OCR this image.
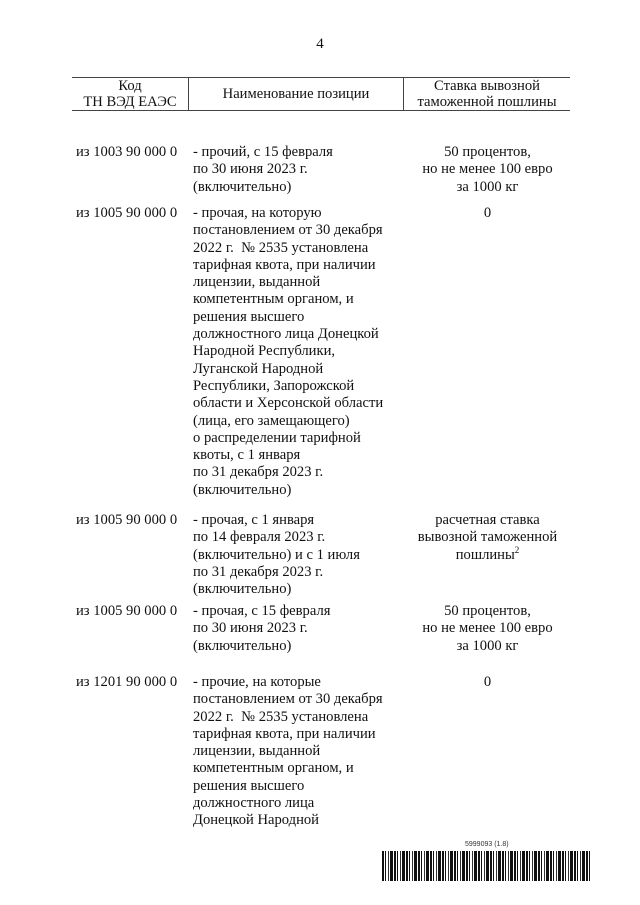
4
Код
ТН ВЭД ЕАЭС	Наименование позиции	Ставка вывозной
таможенной пошлины
из 1003 90 000 0 - прочий, с 15 февраля
по 30 июня 2023 г.
(включительно)
50 процентов,
но не менее 100 евро
за 1000 кг
из 1005 90 000 0 - прочая, на которую
постановлением от 30 декабря
2022 г.  № 2535 установлена
тарифная квота, при наличии
лицензии, выданной
компетентным органом, и
решения высшего
должностного лица Донецкой
Народной Республики,
Луганской Народной
Республики, Запорожской
области и Херсонской области
(лица, его замещающего)
о распределении тарифной
квоты, с 1 января
по 31 декабря 2023 г.
(включительно)
0
из 1005 90 000 0 - прочая, с 1 января
по 14 февраля 2023 г.
(включительно) и с 1 июля
по 31 декабря 2023 г.
(включительно)
расчетная ставка
вывозной таможенной
пошлины$^2$
из 1005 90 000 0 - прочая, с 15 февраля
по 30 июня 2023 г.
(включительно)
50 процентов,
но не менее 100 евро
за 1000 кг
из 1201 90 000 0 - прочие, на которые
постановлением от 30 декабря
2022 г.  № 2535 установлена
тарифная квота, при наличии
лицензии, выданной
компетентным органом, и
решения высшего
должностного лица
Донецкой Народной
0
5999093 (1.8)
